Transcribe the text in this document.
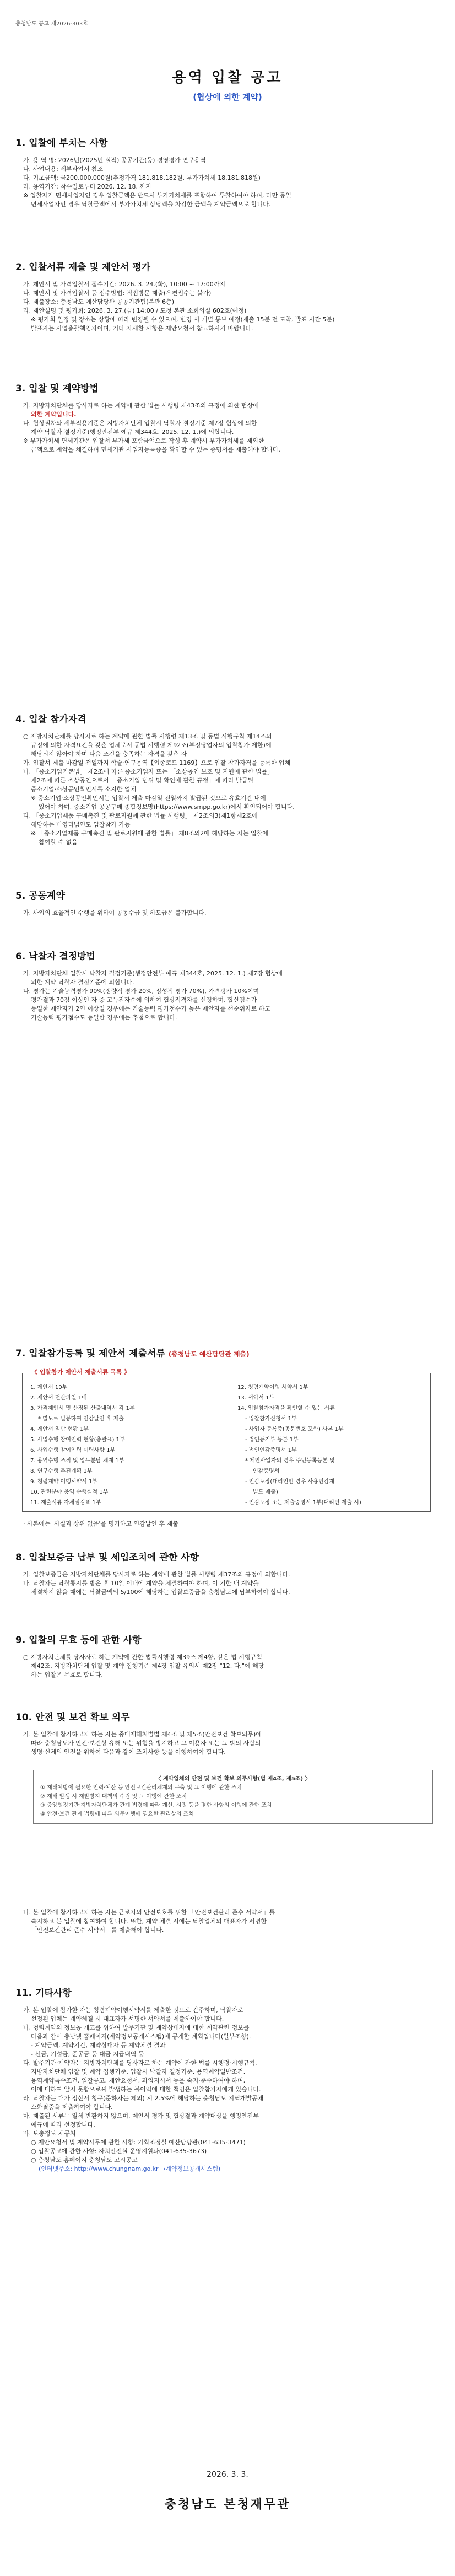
충청남도 공고 제2026-303호
용역 입찰 공고
(협상에 의한 계약)
1. 입찰에 부치는 사항
가. 용 역 명: 2026년(2025년 실적) 공공기관(등) 경영평가 연구용역
나. 사업내용: 세부과업서 참조
다. 기초금액: 금200,000,000원(추정가격 181,818,182원, 부가가치세 18,181,818원)
라. 용역기간: 착수일로부터 2026. 12. 18. 까지
※ 입찰자가 면세사업자인 경우 입찰금액은 반드시 부가가치세를 포함하여 투찰하여야 하며, 다만 동일
면세사업자인 경우 낙찰금액에서 부가가치세 상당액을 차감한 금액을 계약금액으로 합니다.
2. 입찰서류 제출 및 제안서 평가
가. 제안서 및 가격입찰서 접수기간: 2026. 3. 24.(화), 10:00 ~ 17:00까지
나. 제안서 및 가격입찰서 등 접수방법: 직접방문 제출(우편접수는 불가)
다. 제출장소: 충청남도 예산담당관 공공기관팀(본관 6층)
라. 제안설명 및 평가회: 2026. 3. 27.(금) 14:00 / 도청 본관 소회의실 602호(예정)
※ 평가회 일정 및 장소는 상황에 따라 변경될 수 있으며, 변경 시 개별 통보 예정(제출 15분 전 도착, 발표 시간 5분)
발표자는 사업총괄책임자이며, 기타 자세한 사항은 제안요청서 참고하시기 바랍니다.
3. 입찰 및 계약방법
가. 지방자치단체를 당사자로 하는 계약에 관한 법률 시행령 제43조의 규정에 의한 협상에
의한 계약입니다.
나. 협상절차와 세부적용기준은 지방자치단체 입찰시 낙찰자 결정기준 제7장 협상에 의한
계약 낙찰자 결정기준(행정안전부 예규 제344호, 2025. 12. 1.)에 의합니다.
※ 부가가치세 면세기관은 입찰서 부가세 포함금액으로 작성 후 계약시 부가가치세를 제외한
금액으로 계약을 체결하며 면세기관 사업자등록증을 확인할 수 있는 증명서를 제출해야 합니다.
4. 입찰 참가자격
○ 지방자치단체를 당사자로 하는 계약에 관한 법률 시행령 제13조 및 동법 시행규칙 제14조의
규정에 의한 자격요건을 갖춘 업체로서 동법 시행령 제92조(부정당업자의 입찰참가 제한)에
해당되지 않아야 하며 다음 조건을 충족하는 자격을 갖춘 자
가. 입찰서 제출 마감일 전일까지 학술·연구용역【업종코드 1169】으로 입찰 참가자격을 등록한 업체
나. 「중소기업기본법」 제2조에 따른 중소기업자 또는 「소상공인 보호 및 지원에 관한 법률」
제2조에 따른 소상공인으로서 「중소기업 범위 및 확인에 관한 규정」에 따라 발급된
중소기업·소상공인확인서를 소지한 업체
※ 중소기업·소상공인확인서는 입찰서 제출 마감일 전일까지 발급된 것으로 유효기간 내에
있어야 하며, 중소기업 공공구매 종합정보망(https://www.smpp.go.kr)에서 확인되어야 합니다.
다. 「중소기업제품 구매촉진 및 판로지원에 관한 법률 시행령」 제2조의3(제1항제2호에
해당하는 비영리법인도 입찰참가 가능
※ 「중소기업제품 구매촉진 및 판로지원에 관한 법률」 제8조의2에 해당하는 자는 입찰에
참여할 수 없음
5. 공동계약
가. 사업의 효율적인 수행을 위하여 공동수급 및 하도급은 불가합니다.
6. 낙찰자 결정방법
가. 지방자치단체 입찰시 낙찰자 결정기준(행정안전부 예규 제344호, 2025. 12. 1.) 제7장 협상에
의한 계약 낙찰자 결정기준에 의합니다.
나. 평가는 기술능력평가 90%(정량적 평가 20%, 정성적 평가 70%), 가격평가 10%이며
평가결과 70점 이상인 자 중 고득점자순에 의하여 협상적격자를 선정하며, 합산점수가
동일한 제안자가 2인 이상일 경우에는 기술능력 평가점수가 높은 제안자를 선순위자로 하고
기술능력 평가점수도 동일한 경우에는 추첨으로 합니다.
7. 입찰참가등록 및 제안서 제출서류 (충청남도 예산담당관 제출)
《 입찰참가 제안서 제출서류 목록 》
1. 제안서 10부
2. 제안서 전산파일 1매
3. 가격제안서 및 산정된 산출내역서 각 1부
* 별도로 밀봉하여 인감날인 후 제출
4. 제안서 일반 현황 1부
5. 사업수행 참여인력 현황(총괄표) 1부
6. 사업수행 참여인력 이력사항 1부
7. 용역수행 조직 및 업무분담 체계 1부
8. 연구수행 추진계획 1부
9. 청렴계약 이행서약서 1부
10. 관련분야 용역 수행실적 1부
11. 제출서류 자체점검표 1부
12. 청렴계약이행 서약서 1부
13. 서약서 1부
14. 입찰참가자격을 확인할 수 있는 서류
- 입찰참가신청서 1부
- 사업자 등록증(공문번호 포함) 사본 1부
- 법인등기부 등본 1부
- 법인인감증명서 1부
* 제안사업자의 경우 주민등록등본 및
인감증명서
- 인감도장(대리인인 경우 사용인감계
별도 제출)
- 인감도장 또는 제출증명서 1부(대리인 제출 시)
· 사본에는 '사실과 상위 없음'을 명기하고 인감날인 후 제출
8. 입찰보증금 납부 및 세입조치에 관한 사항
가. 입찰보증금은 지방자치단체를 당사자로 하는 계약에 관한 법률 시행령 제37조의 규정에 의합니다.
나. 낙찰자는 낙찰통지를 받은 후 10일 이내에 계약을 체결하여야 하며, 이 기한 내 계약을
체결하지 않을 때에는 낙찰금액의 5/100에 해당하는 입찰보증금을 충청남도에 납부하여야 합니다.
9. 입찰의 무효 등에 관한 사항
○ 지방자치단체를 당사자로 하는 계약에 관한 법률시행령 제39조 제4항, 같은 법 시행규칙
제42조, 지방자치단체 입찰 및 계약 집행기준 제4장 입찰 유의서 제2장 "12. 다."에 해당
하는 입찰은 무효로 합니다.
10. 안전 및 보건 확보 의무
가. 본 입찰에 참가하고자 하는 자는 중대재해처벌법 제4조 및 제5조(안전보건 확보의무)에
따라 충청남도가 안전·보건상 유해 또는 위험을 방지하고 그 이용자 또는 그 밖의 사람의
생명·신체의 안전을 위하여 다음과 같이 조치사항 등을 이행하여야 합니다.
〈 계약업체의 안전 및 보건 확보 의무사항(법 제4조, 제5조) 〉
① 재해예방에 필요한 인력·예산 등 안전보건관리체계의 구축 및 그 이행에 관한 조치
② 재해 발생 시 재발방지 대책의 수립 및 그 이행에 관한 조치
③ 중앙행정기관·지방자치단체가 관계 법령에 따라 개선, 시정 등을 명한 사항의 이행에 관한 조치
④ 안전·보건 관계 법령에 따른 의무이행에 필요한 관리상의 조치
나. 본 입찰에 참가하고자 하는 자는 근로자의 안전보호를 위한 「안전보건관리 준수 서약서」를
숙지하고 본 입찰에 참여하여 합니다. 또한, 계약 체결 시에는 낙찰업체의 대표자가 서명한
「안전보건관리 준수 서약서」를 제출해야 합니다.
11. 기타사항
가. 본 입찰에 참가한 자는 청렴계약이행서약서를 제출한 것으로 간주하며, 낙찰자로
선정된 업체는 계약체결 시 대표자가 서명한 서약서를 제출하여야 합니다.
나. 청렴계약의 정보공 개교를 위하여 발주기관 및 계약상대자에 대한 계약관련 정보를
다음과 같이 충남넷 홈페이지(계약정보공개시스템)에 공개할 계획입니다(일부조항).
- 계약금액, 계약기간, 계약상대자 등 계약체결 결과
- 선금, 기성금, 준공금 등 대금 지급내역 등
다. 발주기관·계약자는 지방자치단체를 당사자로 하는 계약에 관한 법률 시행령·시행규칙,
지방자치단체 입찰 및 계약 집행기준, 입찰시 낙찰자 결정기준, 용역계약일반조건,
용역계약특수조건, 입찰공고, 제안요청서, 과업지시서 등을 숙지·준수하여야 하며,
이에 대하여 알지 못함으로써 발생하는 불이익에 대한 책임은 입찰참가자에게 있습니다.
라. 낙찰자는 대가 정산서 청구(준하자는 제외) 시 2.5%에 해당하는 충청남도 지역개발공채
소화필증을 제출하여야 합니다.
마. 제출된 서류는 일체 반환하지 않으며, 제안서 평가 및 협상결과 계약대상을 행정안전부
예규에 따라 선정합니다.
바. 보충정보 제공처
○ 제안요청서 및 계약사무에 관한 사항: 기획조정실 예산담당관(041-635-3471)
○ 입찰공고에 관한 사항: 자치안전실 운영지원과(041-635-3673)
○ 충청남도 홈페이지 충청남도 고시공고
(인터넷주소: http://www.chungnam.go.kr →계약정보공개시스템)
2026. 3. 3.
충청남도 본청재무관
